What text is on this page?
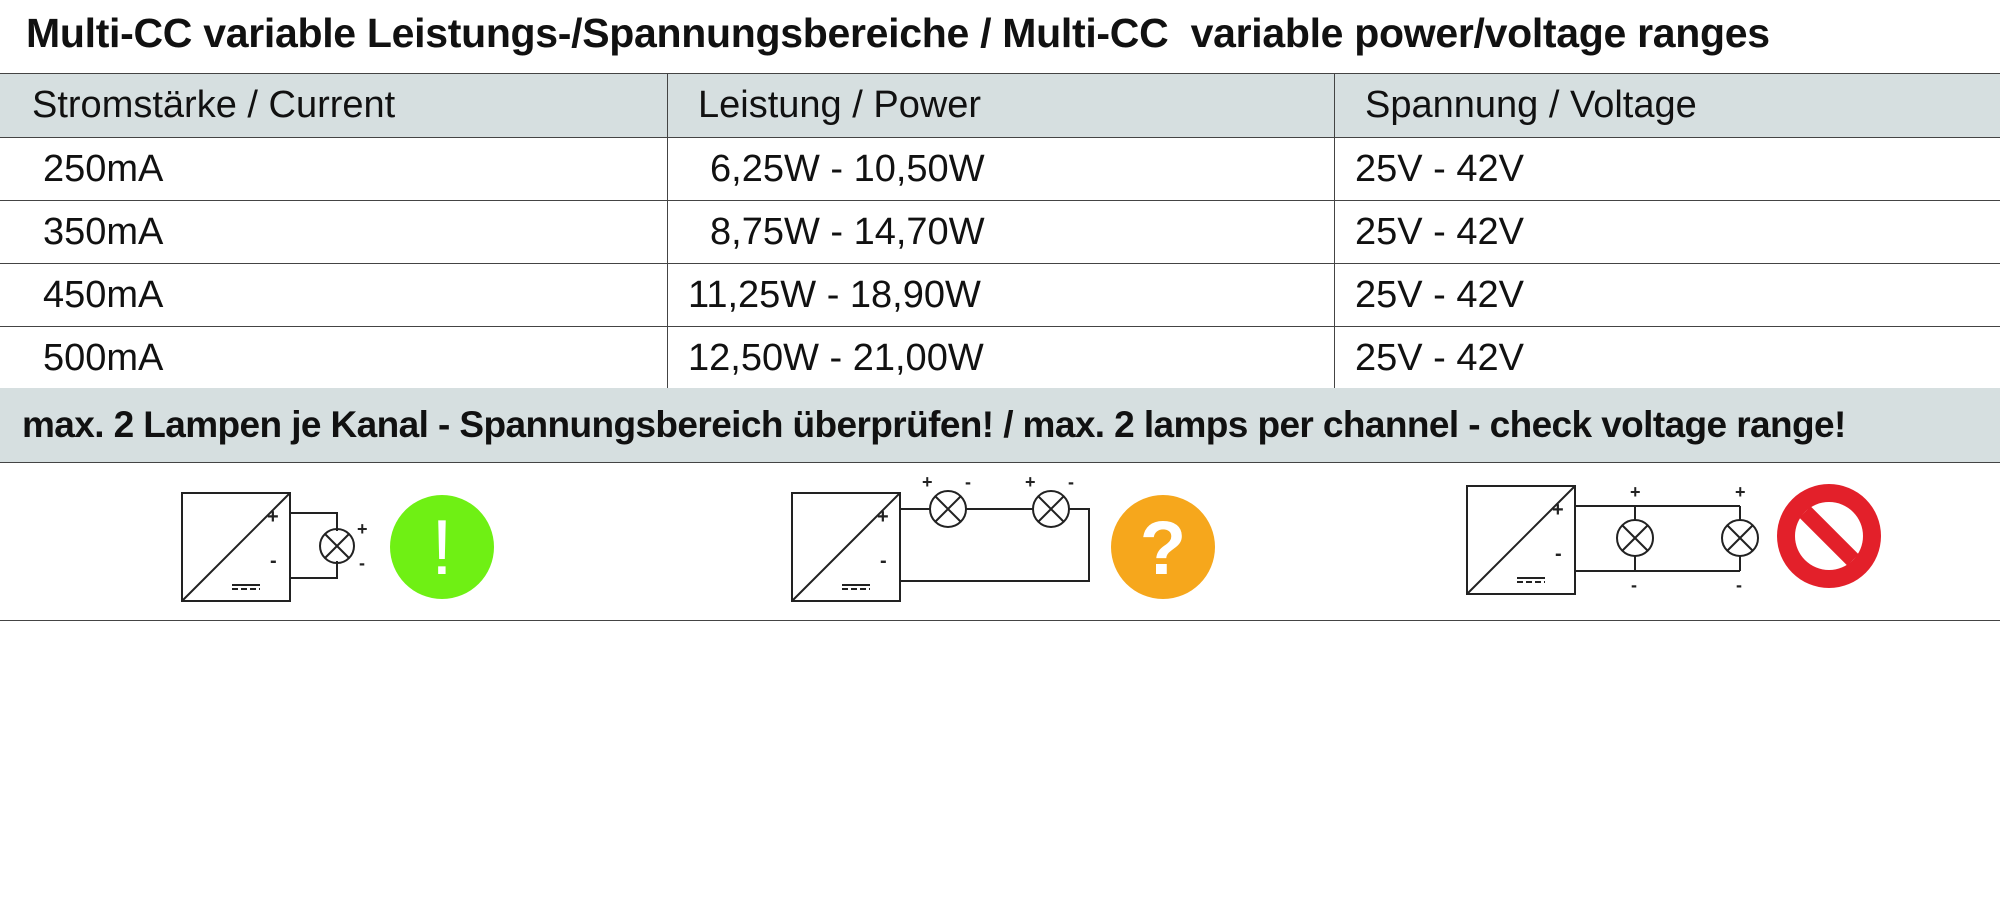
Multi-CC variable Leistungs-/Spannungsbereiche / Multi-CC  variable power/voltage ranges
Stromstärke / Current	Leistung / Power	Spannung / Voltage
250mA	6,25W - 10,50W	25V - 42V
350mA	8,75W - 14,70W	25V - 42V
450mA	11,25W - 18,90W	25V - 42V
500mA	12,50W - 21,00W	25V - 42V
max. 2 Lampen je Kanal - Spannungsbereich überprüfen! / max. 2 lamps per channel - check voltage range!
+
-
+
- !	+
-
+ -	+ -
?	+
-
+	+
-	-
